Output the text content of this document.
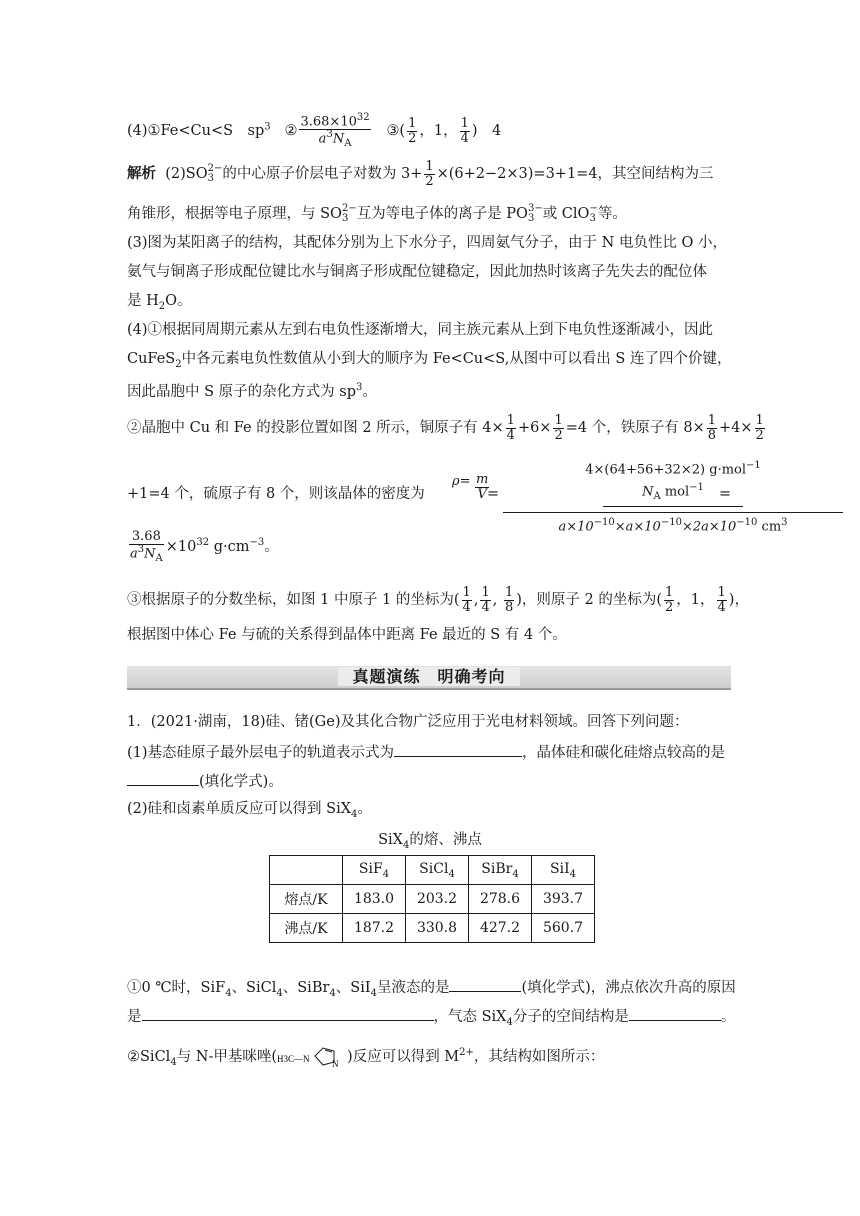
(4)①Fe<Cu<S　$sp^3$ ② $\frac{3.68\times 10^{32}}{a^3N_A}$ ③( $\frac{1}{2}$ ，1， $\frac{1}{4}$ )　4
解析 (2)SO2−
3 的中心原子价层电子对数为 $3+ \frac{1}{2} \times(6+2-2\times 3)=3+1=4$，其空间结构为三
角锥形，根据等电子原理，与 SO2−
3 互为等电子体的离子是 PO3−
3 或 ClO−
3 等。
(3)图为某阳离子的结构，其配体分别为上下水分子，四周氨气分子，由于 N 电负性比 O 小，
氨气与铜离子形成配位键比水与铜离子形成配位键稳定，因此加热时该离子先失去的配位体
是 $H_2O$。
(4)①根据同周期元素从左到右电负性逐渐增大，同主族元素从上到下电负性逐渐减小，因此
CuFeS$_2$中各元素电负性数值从小到大的顺序为 Fe<Cu<S,从图中可以看出 S 连了四个价键，
因此晶胞中 S 原子的杂化方式为 $sp^3$。
②晶胞中 Cu 和 Fe 的投影位置如图 2 所示，铜原子有 $4\times \frac{1}{4} +6\times \frac{1}{2} =4$ 个，铁原子有 $8\times \frac{1}{8} +4\times \frac{1}{2}$
+1=4 个，硫原子有 8 个，则该晶体的密度为
$\rho= \frac{m}{V}$
=
4×(64+56+32×2) g·mol$^{-1}$
$N_A$ mol$^{-1}$
$a\times 10^{-10}\times a\times 10^{-10}\times 2a\times 10^{-10}$ $cm^3$
=
$\frac{3.68}{a^3N_A} \times 10^{32}$ $g\cdot cm^{-3}$。
③根据原子的分数坐标，如图 1 中原子 1 的坐标为( $\frac{1}{4}$ , $\frac{1}{4}$ , $\frac{1}{8}$ )，则原子 2 的坐标为( $\frac{1}{2}$ ，1， $\frac{1}{4}$ )，
根据图中体心 Fe 与硫的关系得到晶体中距离 Fe 最近的 S 有 4 个。
真题演练　明确考向
1．(2021·湖南，18)硅、锗(Ge)及其化合物广泛应用于光电材料领域。回答下列问题：
(1)基态硅原子最外层电子的轨道表示式为	，晶体硅和碳化硅熔点较高的是
(填化学式)。
(2)硅和卤素单质反应可以得到 SiX$_4$。
SiX$_4$的熔、沸点
	SiF$_4$	SiCl$_4$	SiBr$_4$	SiI$_4$
熔点/K	183.0	203.2	278.6	393.7
沸点/K	187.2	330.8	427.2	560.7
①0 ℃时，SiF$_4$、SiCl$_4$、SiBr$_4$、SiI$_4$呈液态的是	(填化学式)，沸点依次升高的原因
是	，气态 SiX$_4$分子的空间结构是	。
②SiCl$_4$与 N-甲基咪唑( H3C—N N )反应可以得到 $M^{2+}$，其结构如图所示：
